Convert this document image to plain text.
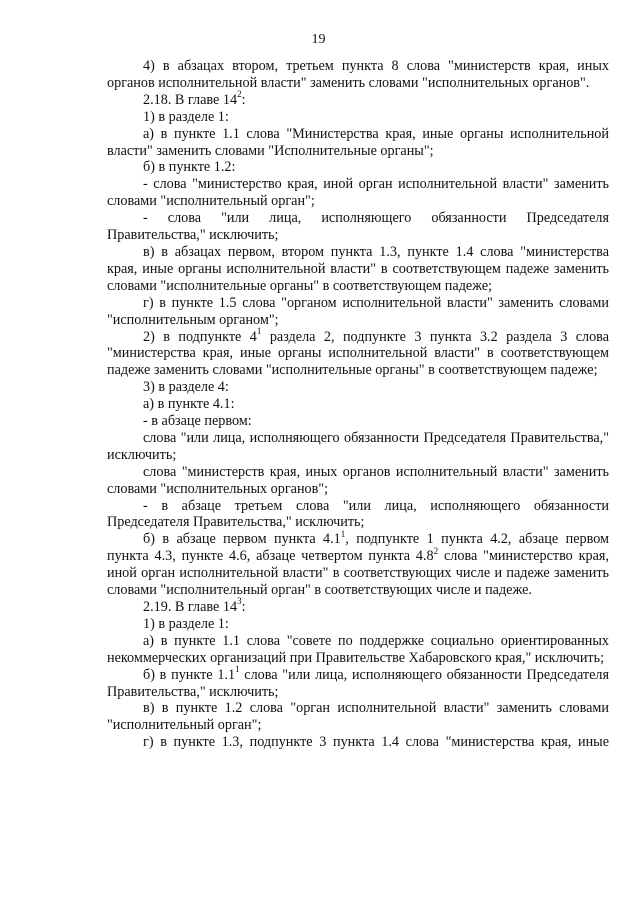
19

4) в абзацах втором, третьем пункта 8 слова "министерств края, иных органов исполнительной власти" заменить словами "исполнительных органов".

2.18. В главе $14^2$:

1) в разделе 1:

а) в пункте 1.1 слова "Министерства края, иные органы исполнительной власти" заменить словами "Исполнительные органы";

б) в пункте 1.2:

- слова "министерство края, иной орган исполнительной власти" заменить словами "исполнительный орган";

- слова "или лица, исполняющего обязанности Председателя Правительства," исключить;

в) в абзацах первом, втором пункта 1.3, пункте 1.4 слова "министерства края, иные органы исполнительной власти" в соответствующем падеже заменить словами "исполнительные органы" в соответствующем падеже;

г) в пункте 1.5 слова "органом исполнительной власти" заменить словами "исполнительным органом";

2) в подпункте $4^1$ раздела 2, подпункте 3 пункта 3.2 раздела 3 слова "министерства края, иные органы исполнительной власти" в соответствующем падеже заменить словами "исполнительные органы" в соответствующем падеже;

3) в разделе 4:

а) в пункте 4.1:

- в абзаце первом:

слова "или лица, исполняющего обязанности Председателя Правительства," исключить;

слова "министерств края, иных органов исполнительный власти" заменить словами "исполнительных органов";

- в абзаце третьем слова "или лица, исполняющего обязанности Председателя Правительства," исключить;

б) в абзаце первом пункта $4.1^1$, подпункте 1 пункта 4.2, абзаце первом пункта 4.3, пункте 4.6, абзаце четвертом пункта $4.8^2$ слова "министерство края, иной орган исполнительной власти" в соответствующих числе и падеже заменить словами "исполнительный орган" в соответствующих числе и падеже.

2.19. В главе $14^3$:

1) в разделе 1:

а) в пункте 1.1 слова "совете по поддержке социально ориентированных некоммерческих организаций при Правительстве Хабаровского края," исключить;

б) в пункте $1.1^1$ слова "или лица, исполняющего обязанности Председателя Правительства," исключить;

в) в пункте 1.2 слова "орган исполнительной власти" заменить словами "исполнительный орган";

г) в пункте 1.3, подпункте 3 пункта 1.4 слова "министерства края, иные
